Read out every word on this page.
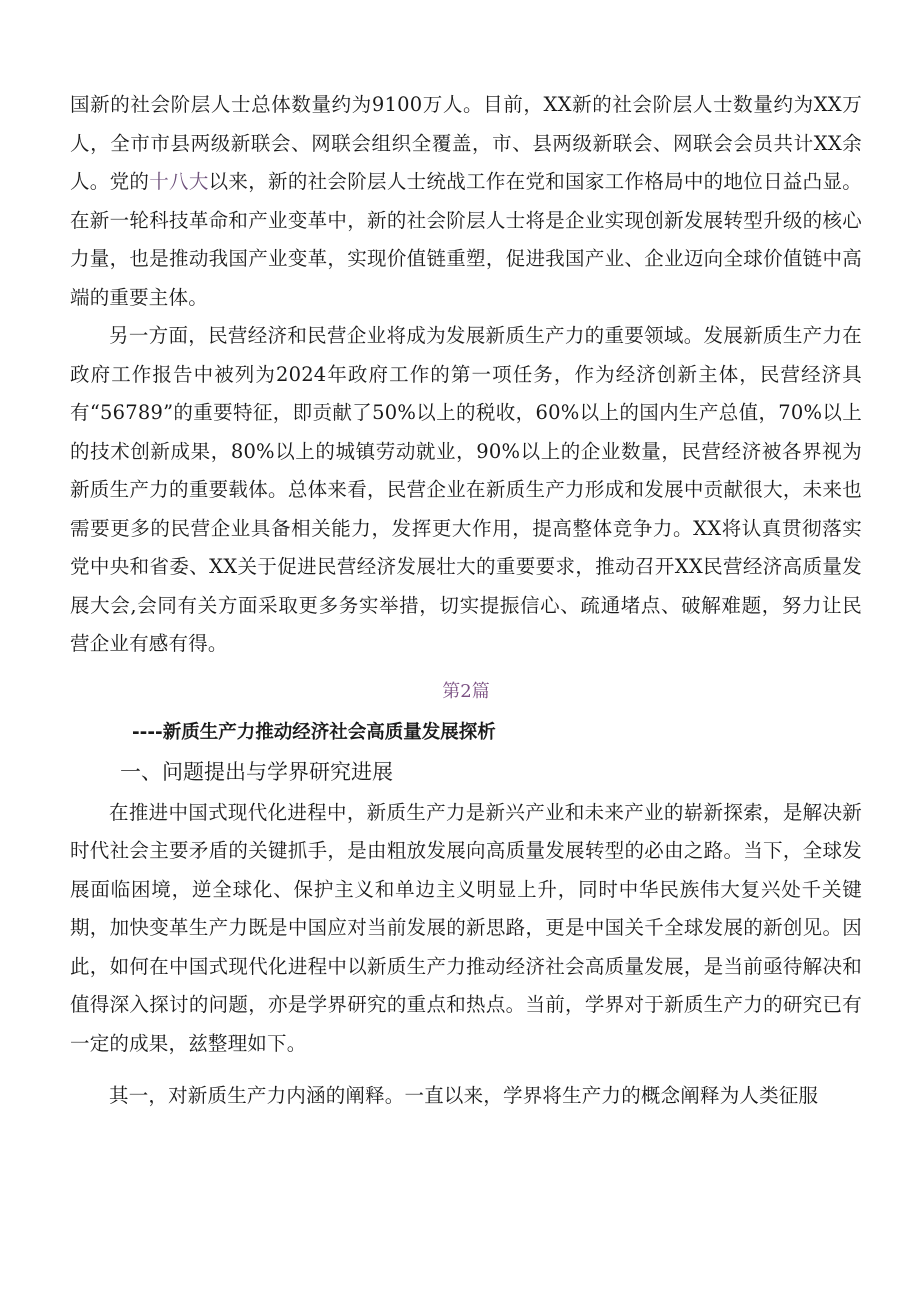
国新的社会阶层人士总体数量约为9100万人。目前，XX新的社会阶层人士数量约为XX万人，全市市县两级新联会、网联会组织全覆盖，市、县两级新联会、网联会会员共计XX余人。党的十八大以来，新的社会阶层人士统战工作在党和国家工作格局中的地位日益凸显。在新一轮科技革命和产业变革中，新的社会阶层人士将是企业实现创新发展转型升级的核心力量，也是推动我国产业变革，实现价值链重塑，促进我国产业、企业迈向全球价值链中高端的重要主体。

另一方面，民营经济和民营企业将成为发展新质生产力的重要领域。发展新质生产力在政府工作报告中被列为2024年政府工作的第一项任务，作为经济创新主体，民营经济具有“56789”的重要特征，即贡献了50%以上的税收，60%以上的国内生产总值，70%以上的技术创新成果，80%以上的城镇劳动就业，90%以上的企业数量，民营经济被各界视为新质生产力的重要载体。总体来看，民营企业在新质生产力形成和发展中贡献很大，未来也需要更多的民营企业具备相关能力，发挥更大作用，提高整体竞争力。XX将认真贯彻落实党中央和省委、XX关于促进民营经济发展壮大的重要要求，推动召开XX民营经济高质量发展大会,会同有关方面采取更多务实举措，切实提振信心、疏通堵点、破解难题，努力让民营企业有感有得。

第2篇
----新质生产力推动经济社会高质量发展探析
一、问题提出与学界研究进展

在推进中国式现代化进程中，新质生产力是新兴产业和未来产业的崭新探索，是解决新时代社会主要矛盾的关键抓手，是由粗放发展向高质量发展转型的必由之路。当下，全球发展面临困境，逆全球化、保护主义和单边主义明显上升，同时中华民族伟大复兴处千关键期，加快变革生产力既是中国应对当前发展的新思路，更是中国关千全球发展的新创见。因此，如何在中国式现代化进程中以新质生产力推动经济社会高质量发展，是当前亟待解决和值得深入探讨的问题，亦是学界研究的重点和热点。当前，学界对于新质生产力的研究已有一定的成果，兹整理如下。

其一，对新质生产力内涵的阐释。一直以来，学界将生产力的概念阐释为人类征服
